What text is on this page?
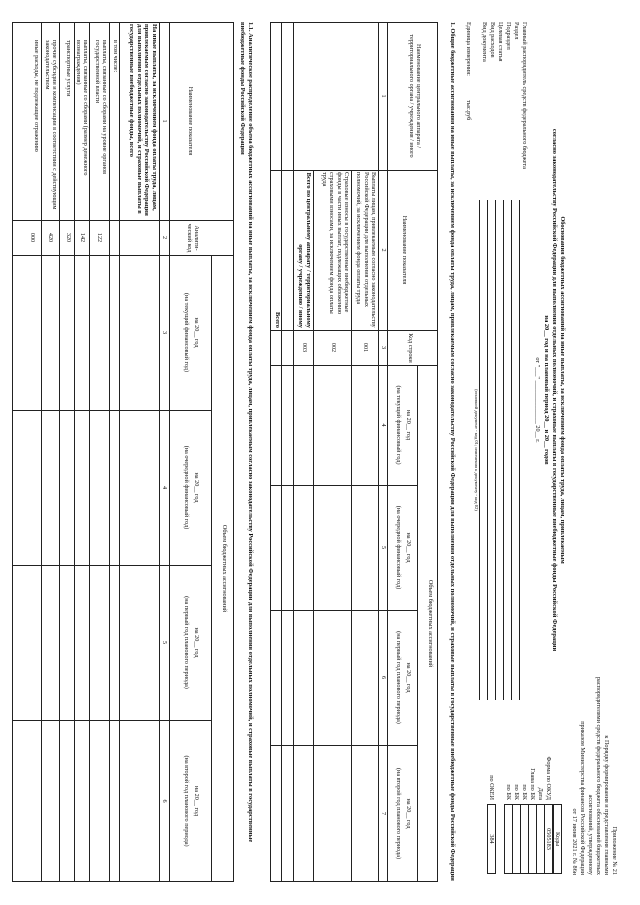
Приложение № 21
к Порядку формирования и представления главными
распорядителями средств федерального бюджета обоснований бюджетных
ассигнований, утвержденному
приказом Министерства финансов Российской Федерации
от 17 июня 2021 г. № 86н
Обоснования бюджетных ассигнований на иные выплаты, за исключением фонда оплаты труда, лицам, привлекаемым
согласно законодательству Российской Федерации для выполнения отдельных полномочий, и страховые выплаты в государственные внебюджетные фонды Российской Федерации
на 20__ год и на плановый период 20__ и 20__ годов
от "___" ______________ 20__ г.
Коды
Форма по ОКУД
Дата
Глава по БК
по БК
по БК
по БК
по ОКЕИ
0505183
384
Главный распорядитель средств федерального бюджета
Раздел
Подраздел
Целевая статья
Вид расходов
Вид документа
(основной документ - код 01; изменения к документу - код 02)
Единица измерения:
тыс.руб
1. Общие бюджетные ассигнования на иные выплаты, за исключением фонда оплаты труда, лицам, привлекаемым согласно законодательству Российской Федерации для выполнения отдельных полномочий, и страховые выплаты в государственные внебюджетные фонды Российской Федерации
Наименование центрального аппарата / территориального органа / учреждения / иного
Наименование показателя
Код строки
Объем бюджетных ассигнований
на 20__ год
(на текущий финансовый год)
на 20__ год
(на очередной финансовый год)
на 20__ год
(на первый год планового периода)
на 20__ год
(на второй год планового периода)
1
2
3
4
5
6
7
Выплаты лицам, привлекаемым согласно законодательству Российской Федерации для выполнения отдельных полномочий, за исключением фонда оплаты труда
001
Страховые взносы в государственные внебюджетные фонды в части иных выплат, подлежащих обложению страховыми взносами, за исключением фонда оплаты труда
002
Всего по центральному аппарату / территориальному органу / учреждению / иному
003
Всего
1.1. Аналитическое распределение объема бюджетных ассигнований на иные выплаты, за исключением фонда оплаты труда, лицам, привлекаемым согласно законодательству Российской Федерации для выполнения отдельных полномочий, и страховые выплаты в государственные внебюджетные фонды Российской Федерации
Наименование показателя
Аналити-ческий код
Объем бюджетных ассигнований
на 20__ год
(на текущий финансовый год)
на 20__ год
(на очередной финансовый год)
на 20__ год
(на первый год планового периода)
на 20__ год
(на второй год планового периода)
1
2
3
4
5
6
На иные выплаты, за исключением фонда оплаты труда, лицам, привлекаемым согласно законодательству Российской Федерации для выполнения отдельных полномочий, и страховые выплаты в государственные внебюджетные фонды, всего
в том числе:
выплаты, связанные со сборами на уровне органов государственной власти
122
выплаты, связанные со сборами (размер денежного вознаграждения)
142
транспортные услуги
320
прочие субсидии и компенсации в соответствии с действующим законодательством
420
иные расходы, не подлежащие отражению
000
